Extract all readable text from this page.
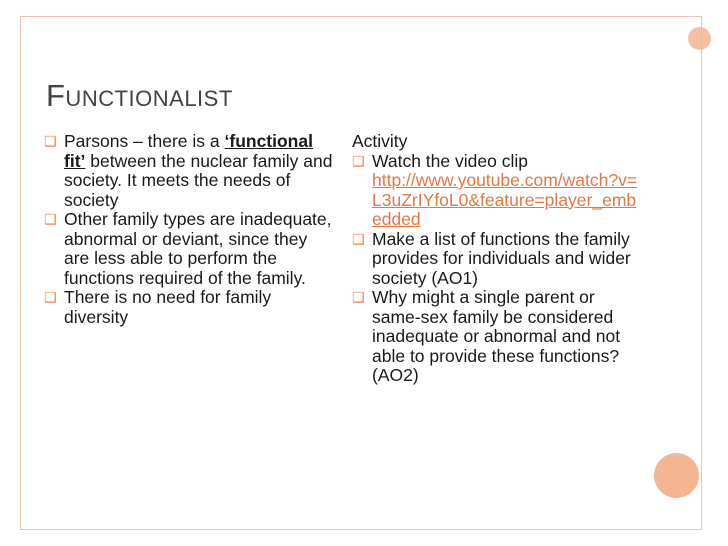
Functionalist
❑ Parsons – there is a ‘functional fit’ between the nuclear family and society. It meets the needs of society
❑ Other family types are inadequate, abnormal or deviant, since they are less able to perform the functions required of the family.
❑ There is no need for family diversity
Activity
❑ Watch the video clip
http://www.youtube.com/watch?v=L3uZrIYfoL0&feature=player_embedded
❑ Make a list of functions the family provides for individuals and wider society (AO1)
❑ Why might a single parent or same-sex family be considered inadequate or abnormal and not able to provide these functions? (AO2)
